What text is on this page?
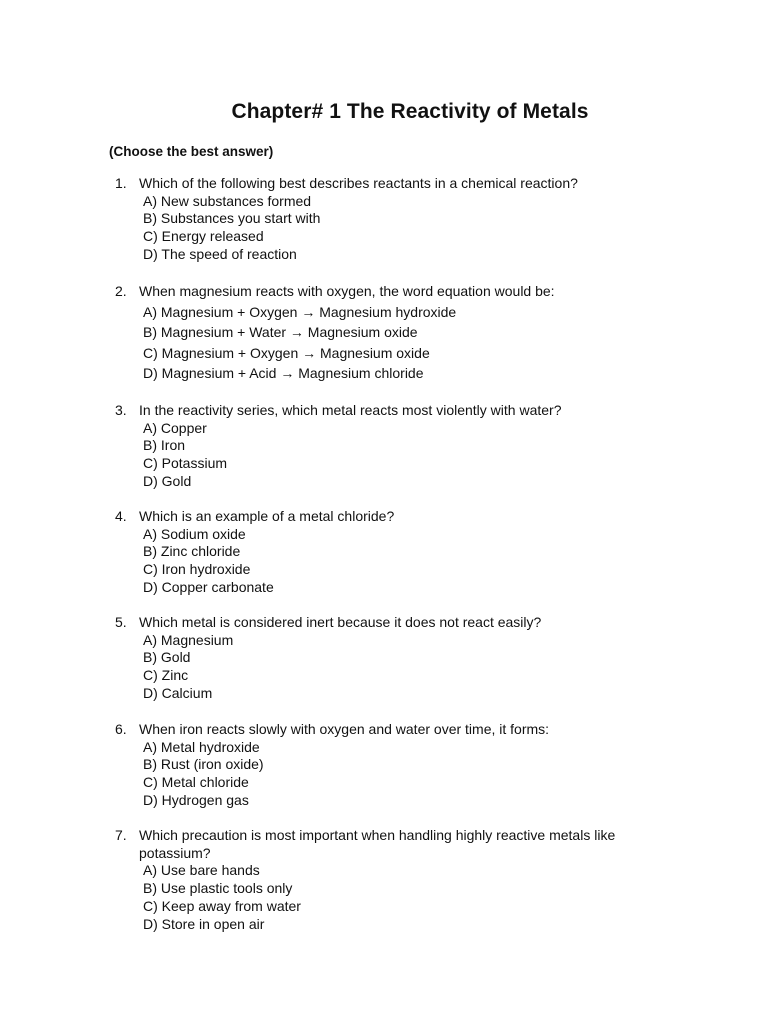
Chapter# 1 The Reactivity of Metals
(Choose the best answer)
1. Which of the following best describes reactants in a chemical reaction?
A) New substances formed
B) Substances you start with
C) Energy released
D) The speed of reaction
2. When magnesium reacts with oxygen, the word equation would be:
A) Magnesium + Oxygen → Magnesium hydroxide
B) Magnesium + Water → Magnesium oxide
C) Magnesium + Oxygen → Magnesium oxide
D) Magnesium + Acid → Magnesium chloride
3. In the reactivity series, which metal reacts most violently with water?
A) Copper
B) Iron
C) Potassium
D) Gold
4. Which is an example of a metal chloride?
A) Sodium oxide
B) Zinc chloride
C) Iron hydroxide
D) Copper carbonate
5. Which metal is considered inert because it does not react easily?
A) Magnesium
B) Gold
C) Zinc
D) Calcium
6. When iron reacts slowly with oxygen and water over time, it forms:
A) Metal hydroxide
B) Rust (iron oxide)
C) Metal chloride
D) Hydrogen gas
7. Which precaution is most important when handling highly reactive metals like potassium?
A) Use bare hands
B) Use plastic tools only
C) Keep away from water
D) Store in open air
